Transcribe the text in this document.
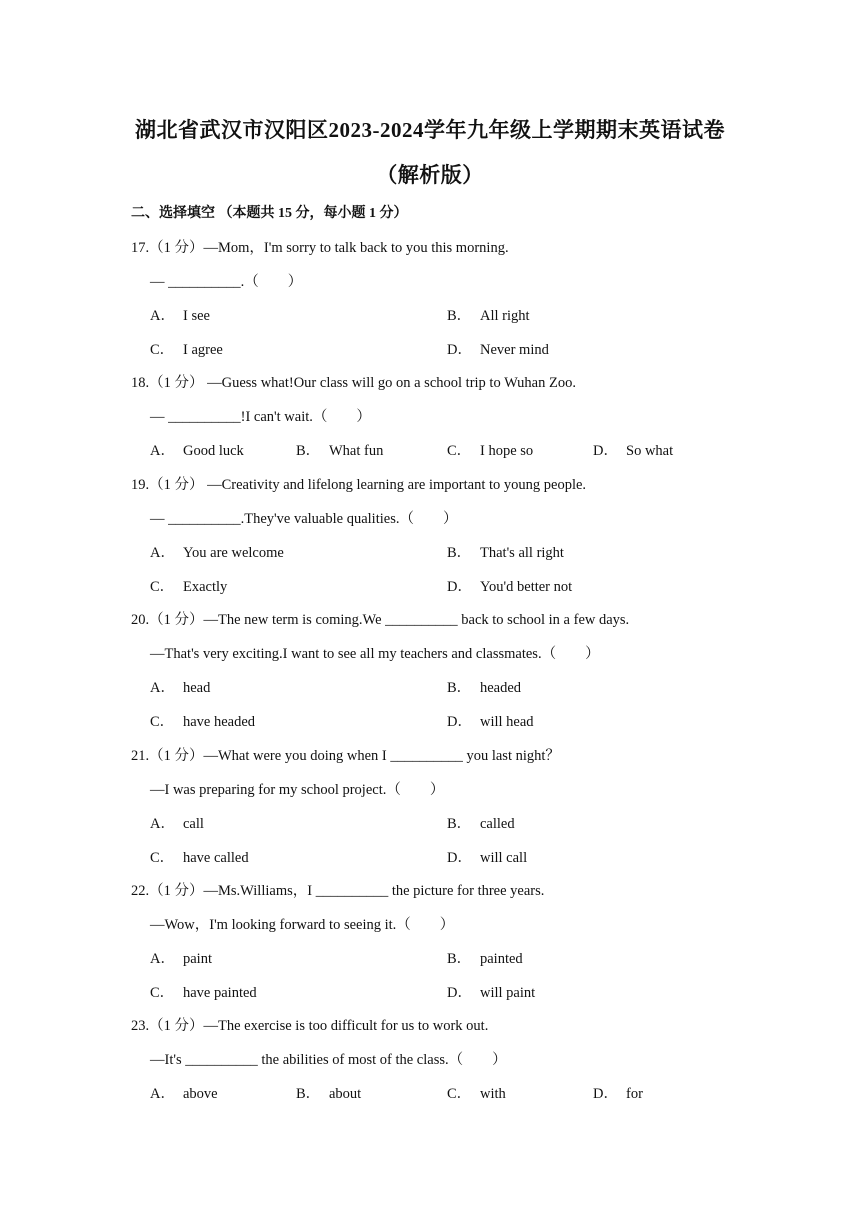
湖北省武汉市汉阳区2023-2024学年九年级上学期期末英语试卷
（解析版）
二、选择填空 （本题共 15 分，每小题 1 分）
17.（1 分）—Mom，I'm sorry to talk back to you this morning.
— __________.（　　）
A． I see	B． All right
C． I agree	D． Never mind
18.（1 分） —Guess what!Our class will go on a school trip to Wuhan Zoo.
— __________!I can't wait.（　　）
A． Good luck	B． What fun	C． I hope so	D． So what
19.（1 分） —Creativity and lifelong learning are important to young people.
— __________.They've valuable qualities.（　　）
A． You are welcome	B． That's all right
C． Exactly	D． You'd better not
20.（1 分）—The new term is coming.We __________ back to school in a few days.
—That's very exciting.I want to see all my teachers and classmates.（　　）
A． head	B． headed
C． have headed	D． will head
21.（1 分）—What were you doing when I __________ you last night？
—I was preparing for my school project.（　　）
A． call	B． called
C． have called	D． will call
22.（1 分）—Ms.Williams，I __________ the picture for three years.
—Wow，I'm looking forward to seeing it.（　　）
A． paint	B． painted
C． have painted	D． will paint
23.（1 分）—The exercise is too difficult for us to work out.
—It's __________ the abilities of most of the class.（　　）
A． above	B． about	C． with	D． for
